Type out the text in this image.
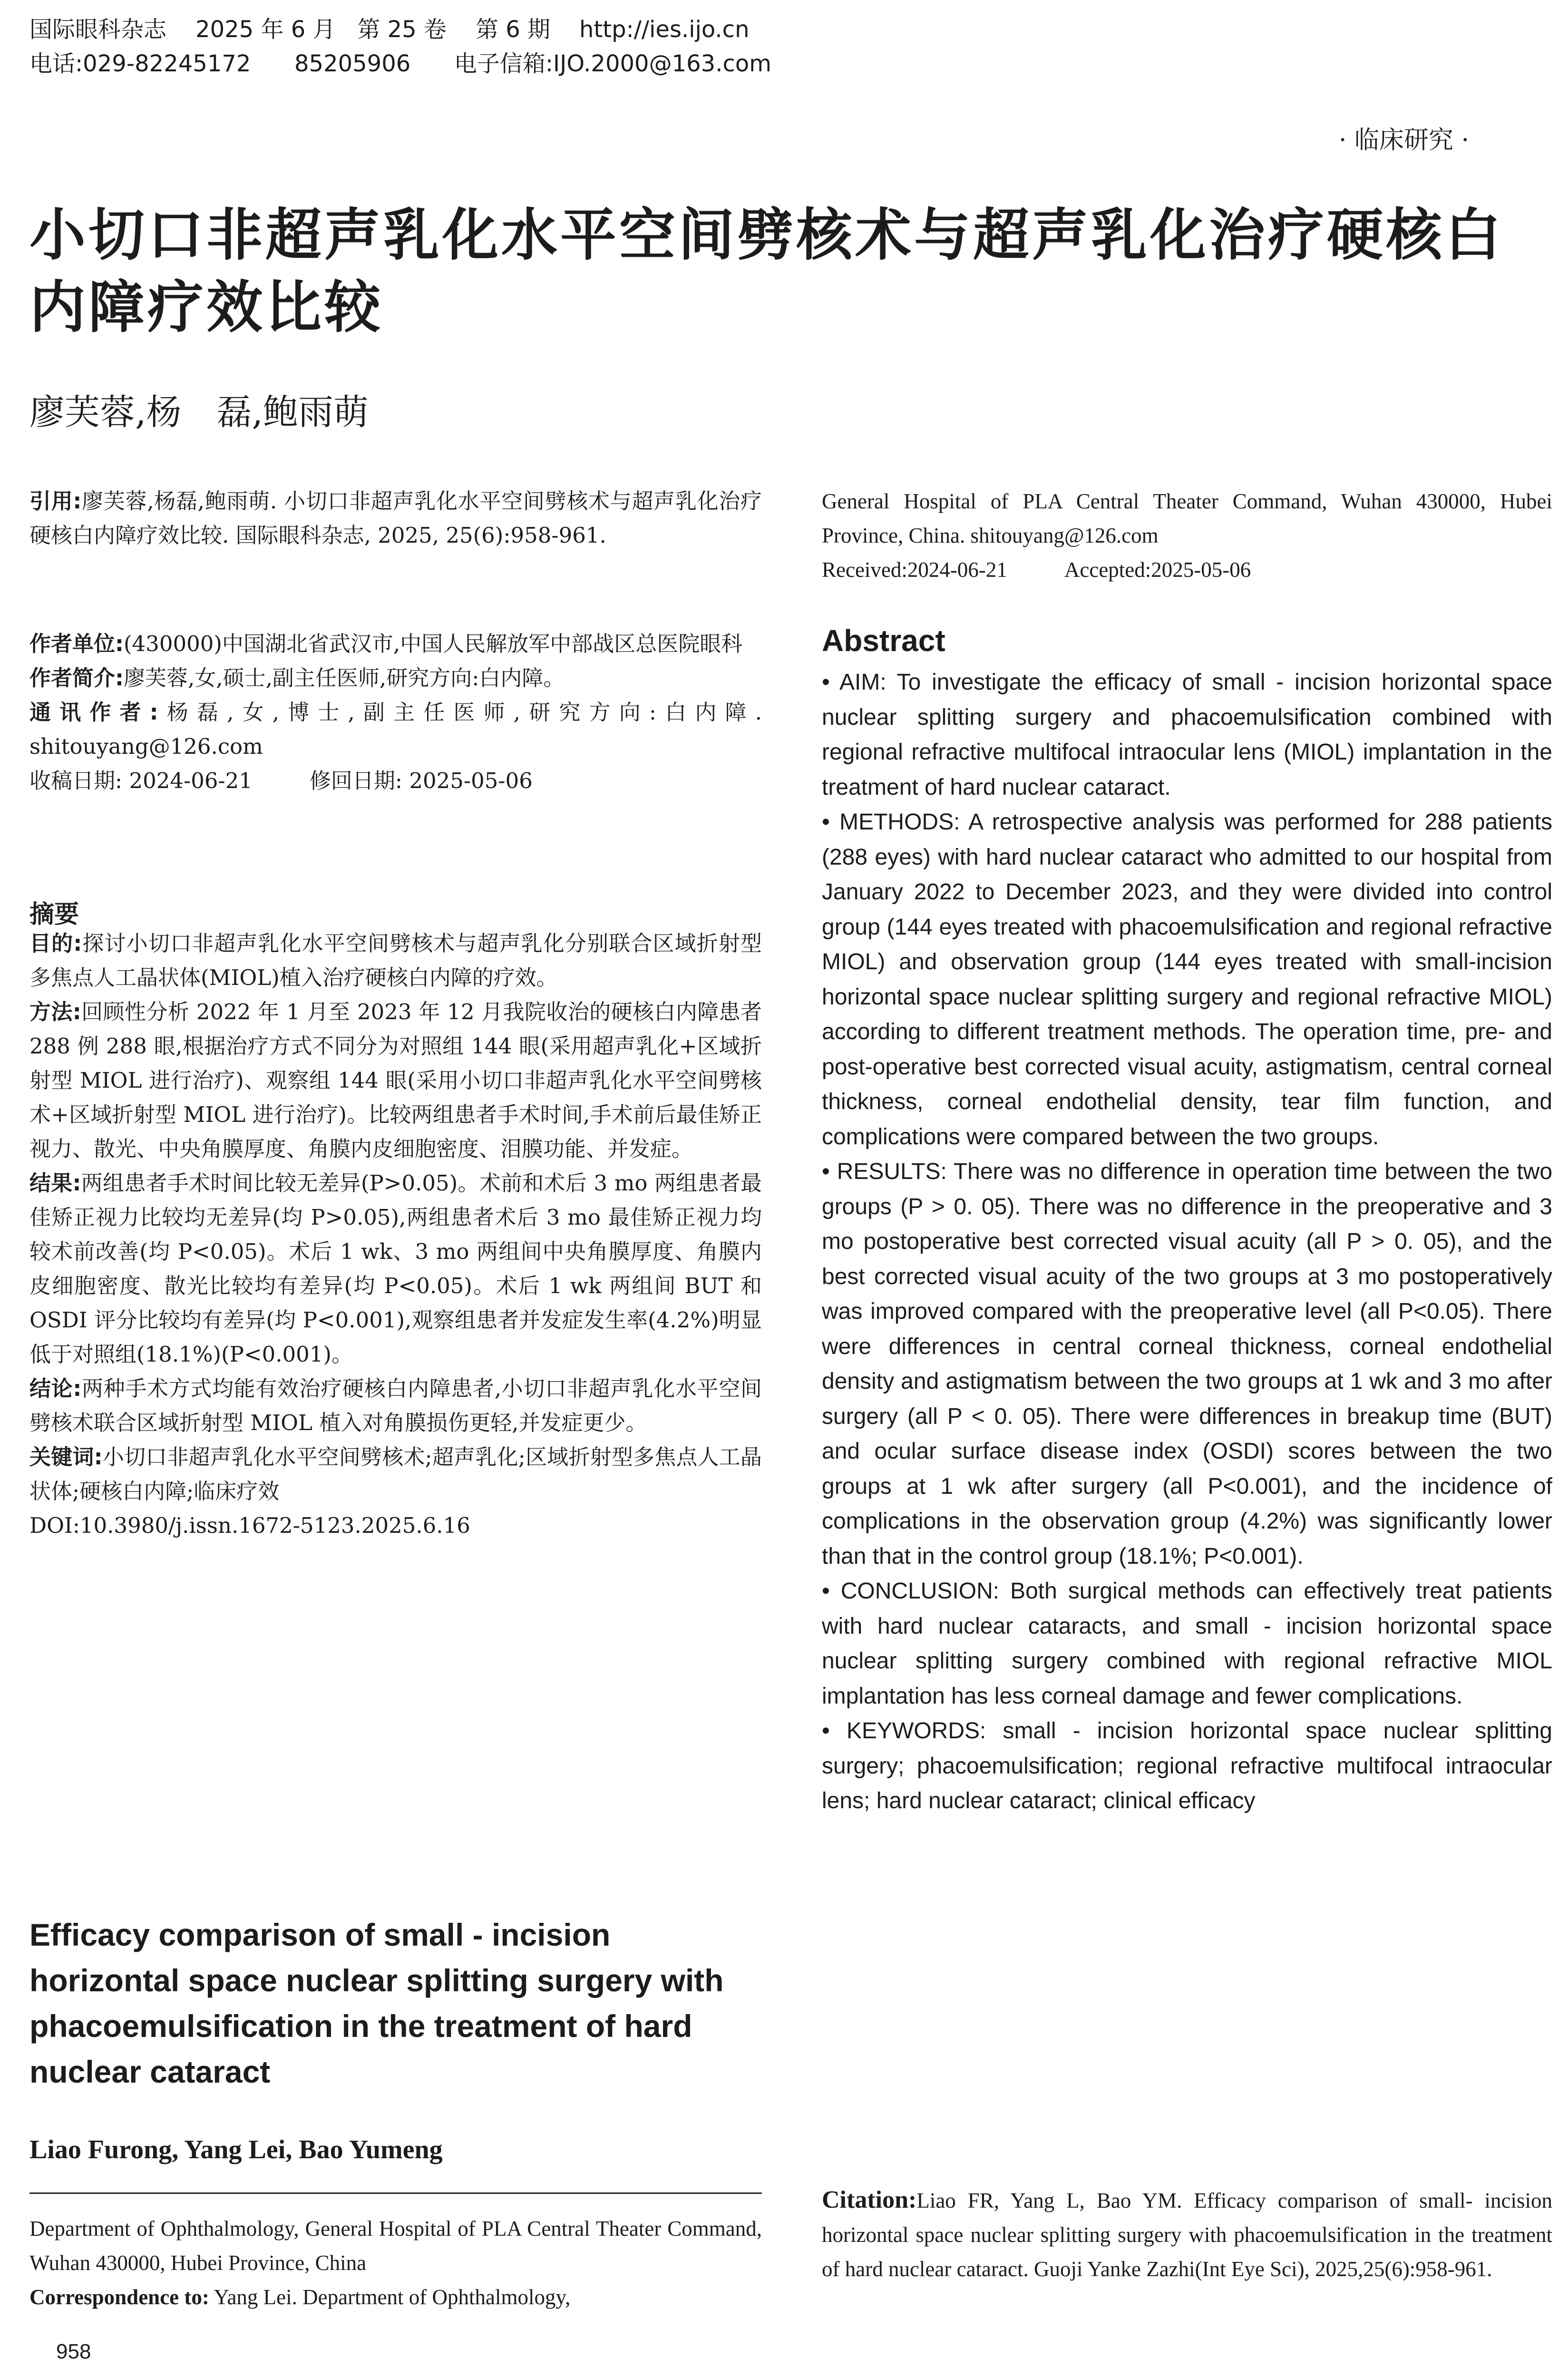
国际眼科杂志 2025 年 6 月 第 25 卷 第 6 期 http://ies.ijo.cn
电话:029-82245172 85205906 电子信箱:IJO.2000@163.com
· 临床研究 ·
小切口非超声乳化水平空间劈核术与超声乳化治疗硬核白内障疗效比较
廖芙蓉,杨　磊,鲍雨萌

引用:廖芙蓉,杨磊,鲍雨萌. 小切口非超声乳化水平空间劈核术与超声乳化治疗硬核白内障疗效比较. 国际眼科杂志, 2025, 25(6):958-961.

作者单位:(430000)中国湖北省武汉市,中国人民解放军中部战区总医院眼科

作者简介:廖芙蓉,女,硕士,副主任医师,研究方向:白内障。

通讯作者:杨磊,女,博士,副主任医师,研究方向:白内障. shitouyang@126.com

收稿日期: 2024-06-21	修回日期: 2025-05-06

摘要

目的:探讨小切口非超声乳化水平空间劈核术与超声乳化分别联合区域折射型多焦点人工晶状体(MIOL)植入治疗硬核白内障的疗效。

方法:回顾性分析 2022 年 1 月至 2023 年 12 月我院收治的硬核白内障患者 288 例 288 眼,根据治疗方式不同分为对照组 144 眼(采用超声乳化+区域折射型 MIOL 进行治疗)、观察组 144 眼(采用小切口非超声乳化水平空间劈核术+区域折射型 MIOL 进行治疗)。比较两组患者手术时间,手术前后最佳矫正视力、散光、中央角膜厚度、角膜内皮细胞密度、泪膜功能、并发症。

结果:两组患者手术时间比较无差异(P>0.05)。术前和术后 3 mo 两组患者最佳矫正视力比较均无差异(均 P>0.05),两组患者术后 3 mo 最佳矫正视力均较术前改善(均 P<0.05)。术后 1 wk、3 mo 两组间中央角膜厚度、角膜内皮细胞密度、散光比较均有差异(均 P<0.05)。术后 1 wk 两组间 BUT 和 OSDI 评分比较均有差异(均 P<0.001),观察组患者并发症发生率(4.2%)明显低于对照组(18.1%)(P<0.001)。

结论:两种手术方式均能有效治疗硬核白内障患者,小切口非超声乳化水平空间劈核术联合区域折射型 MIOL 植入对角膜损伤更轻,并发症更少。

关键词:小切口非超声乳化水平空间劈核术;超声乳化;区域折射型多焦点人工晶状体;硬核白内障;临床疗效

DOI:10.3980/j.issn.1672-5123.2025.6.16

Efficacy comparison of small - incision horizontal space nuclear splitting surgery with phacoemulsification in the treatment of hard nuclear cataract
Liao Furong, Yang Lei, Bao Yumeng

Department of Ophthalmology, General Hospital of PLA Central Theater Command, Wuhan 430000, Hubei Province, China

Correspondence to: Yang Lei. Department of Ophthalmology,

General Hospital of PLA Central Theater Command, Wuhan 430000, Hubei Province, China. shitouyang@126.com

Received:2024-06-21	Accepted:2025-05-06

Abstract

• AIM: To investigate the efficacy of small - incision horizontal space nuclear splitting surgery and phacoemulsification combined with regional refractive multifocal intraocular lens (MIOL) implantation in the treatment of hard nuclear cataract.

• METHODS: A retrospective analysis was performed for 288 patients (288 eyes) with hard nuclear cataract who admitted to our hospital from January 2022 to December 2023, and they were divided into control group (144 eyes treated with phacoemulsification and regional refractive MIOL) and observation group (144 eyes treated with small-incision horizontal space nuclear splitting surgery and regional refractive MIOL) according to different treatment methods. The operation time, pre- and post-operative best corrected visual acuity, astigmatism, central corneal thickness, corneal endothelial density, tear film function, and complications were compared between the two groups.

• RESULTS: There was no difference in operation time between the two groups (P > 0. 05). There was no difference in the preoperative and 3 mo postoperative best corrected visual acuity (all P > 0. 05), and the best corrected visual acuity of the two groups at 3 mo postoperatively was improved compared with the preoperative level (all P<0.05). There were differences in central corneal thickness, corneal endothelial density and astigmatism between the two groups at 1 wk and 3 mo after surgery (all P < 0. 05). There were differences in breakup time (BUT) and ocular surface disease index (OSDI) scores between the two groups at 1 wk after surgery (all P<0.001), and the incidence of complications in the observation group (4.2%) was significantly lower than that in the control group (18.1%; P<0.001).

• CONCLUSION: Both surgical methods can effectively treat patients with hard nuclear cataracts, and small - incision horizontal space nuclear splitting surgery combined with regional refractive MIOL implantation has less corneal damage and fewer complications.

• KEYWORDS: small - incision horizontal space nuclear splitting surgery; phacoemulsification; regional refractive multifocal intraocular lens; hard nuclear cataract; clinical efficacy

Citation:Liao FR, Yang L, Bao YM. Efficacy comparison of small- incision horizontal space nuclear splitting surgery with phacoemulsification in the treatment of hard nuclear cataract. Guoji Yanke Zazhi(Int Eye Sci), 2025,25(6):958-961.

958
